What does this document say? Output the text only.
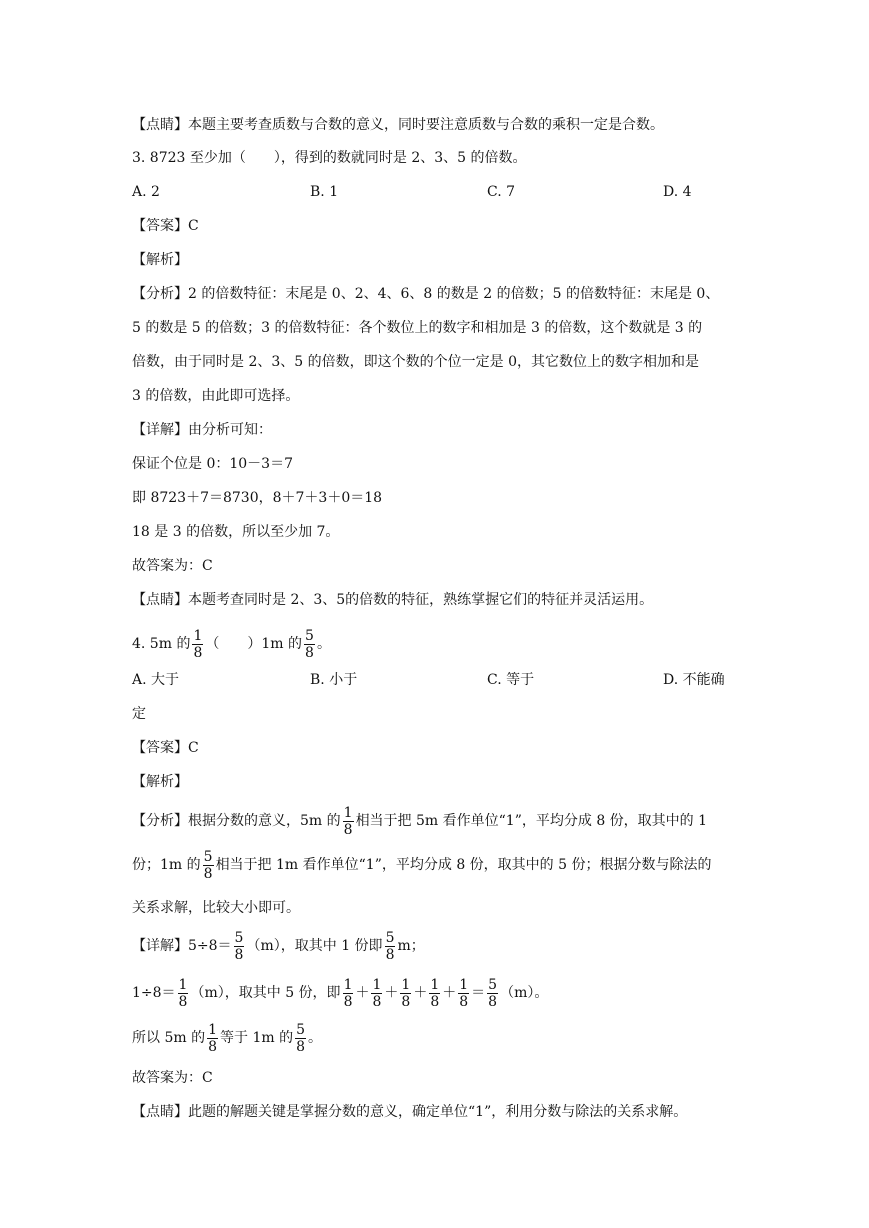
【点睛】本题主要考查质数与合数的意义，同时要注意质数与合数的乘积一定是合数。
3. 8723 至少加（　　），得到的数就同时是 2、3、5 的倍数。
A. 2	B. 1	C. 7	D. 4
【答案】C
【解析】
【分析】2 的倍数特征：末尾是 0、2、4、6、8 的数是 2 的倍数；5 的倍数特征：末尾是 0、
5 的数是 5 的倍数；3 的倍数特征：各个数位上的数字和相加是 3 的倍数，这个数就是 3 的
倍数，由于同时是 2、3、5 的倍数，即这个数的个位一定是 0，其它数位上的数字相加和是
3 的倍数，由此即可选择。
【详解】由分析可知：
保证个位是 0：10－3＝7
即 8723＋7＝8730，8＋7＋3＋0＝18
18 是 3 的倍数，所以至少加 7。
故答案为：C
【点睛】本题考查同时是 2、3、5的倍数的特征，熟练掌握它们的特征并灵活运用。
4. 5m 的 $\frac{1}{8}$ （　　）1m 的 $\frac{5}{8}$ 。
A. 大于	B. 小于	C. 等于	D. 不能确
定
【答案】C
【解析】
【分析】根据分数的意义，5m 的 $\frac{1}{8}$ 相当于把 5m 看作单位“1”，平均分成 8 份，取其中的 1
份；1m 的 $\frac{5}{8}$ 相当于把 1m 看作单位“1”，平均分成 8 份，取其中的 5 份；根据分数与除法的
关系求解，比较大小即可。
【详解】$5\div 8= \frac{5}{8} (m)$，取其中 1 份即 $\frac{5}{8}$ m；
$1\div 8= \frac{1}{8} (m)$，取其中 5 份，即 $\frac{1}{8} + \frac{1}{8} + \frac{1}{8} + \frac{1}{8} + \frac{1}{8} = \frac{5}{8} (m)$。
所以 5m 的 $\frac{1}{8}$ 等于 1m 的 $\frac{5}{8}$ 。
故答案为：C
【点睛】此题的解题关键是掌握分数的意义，确定单位“1”，利用分数与除法的关系求解。
